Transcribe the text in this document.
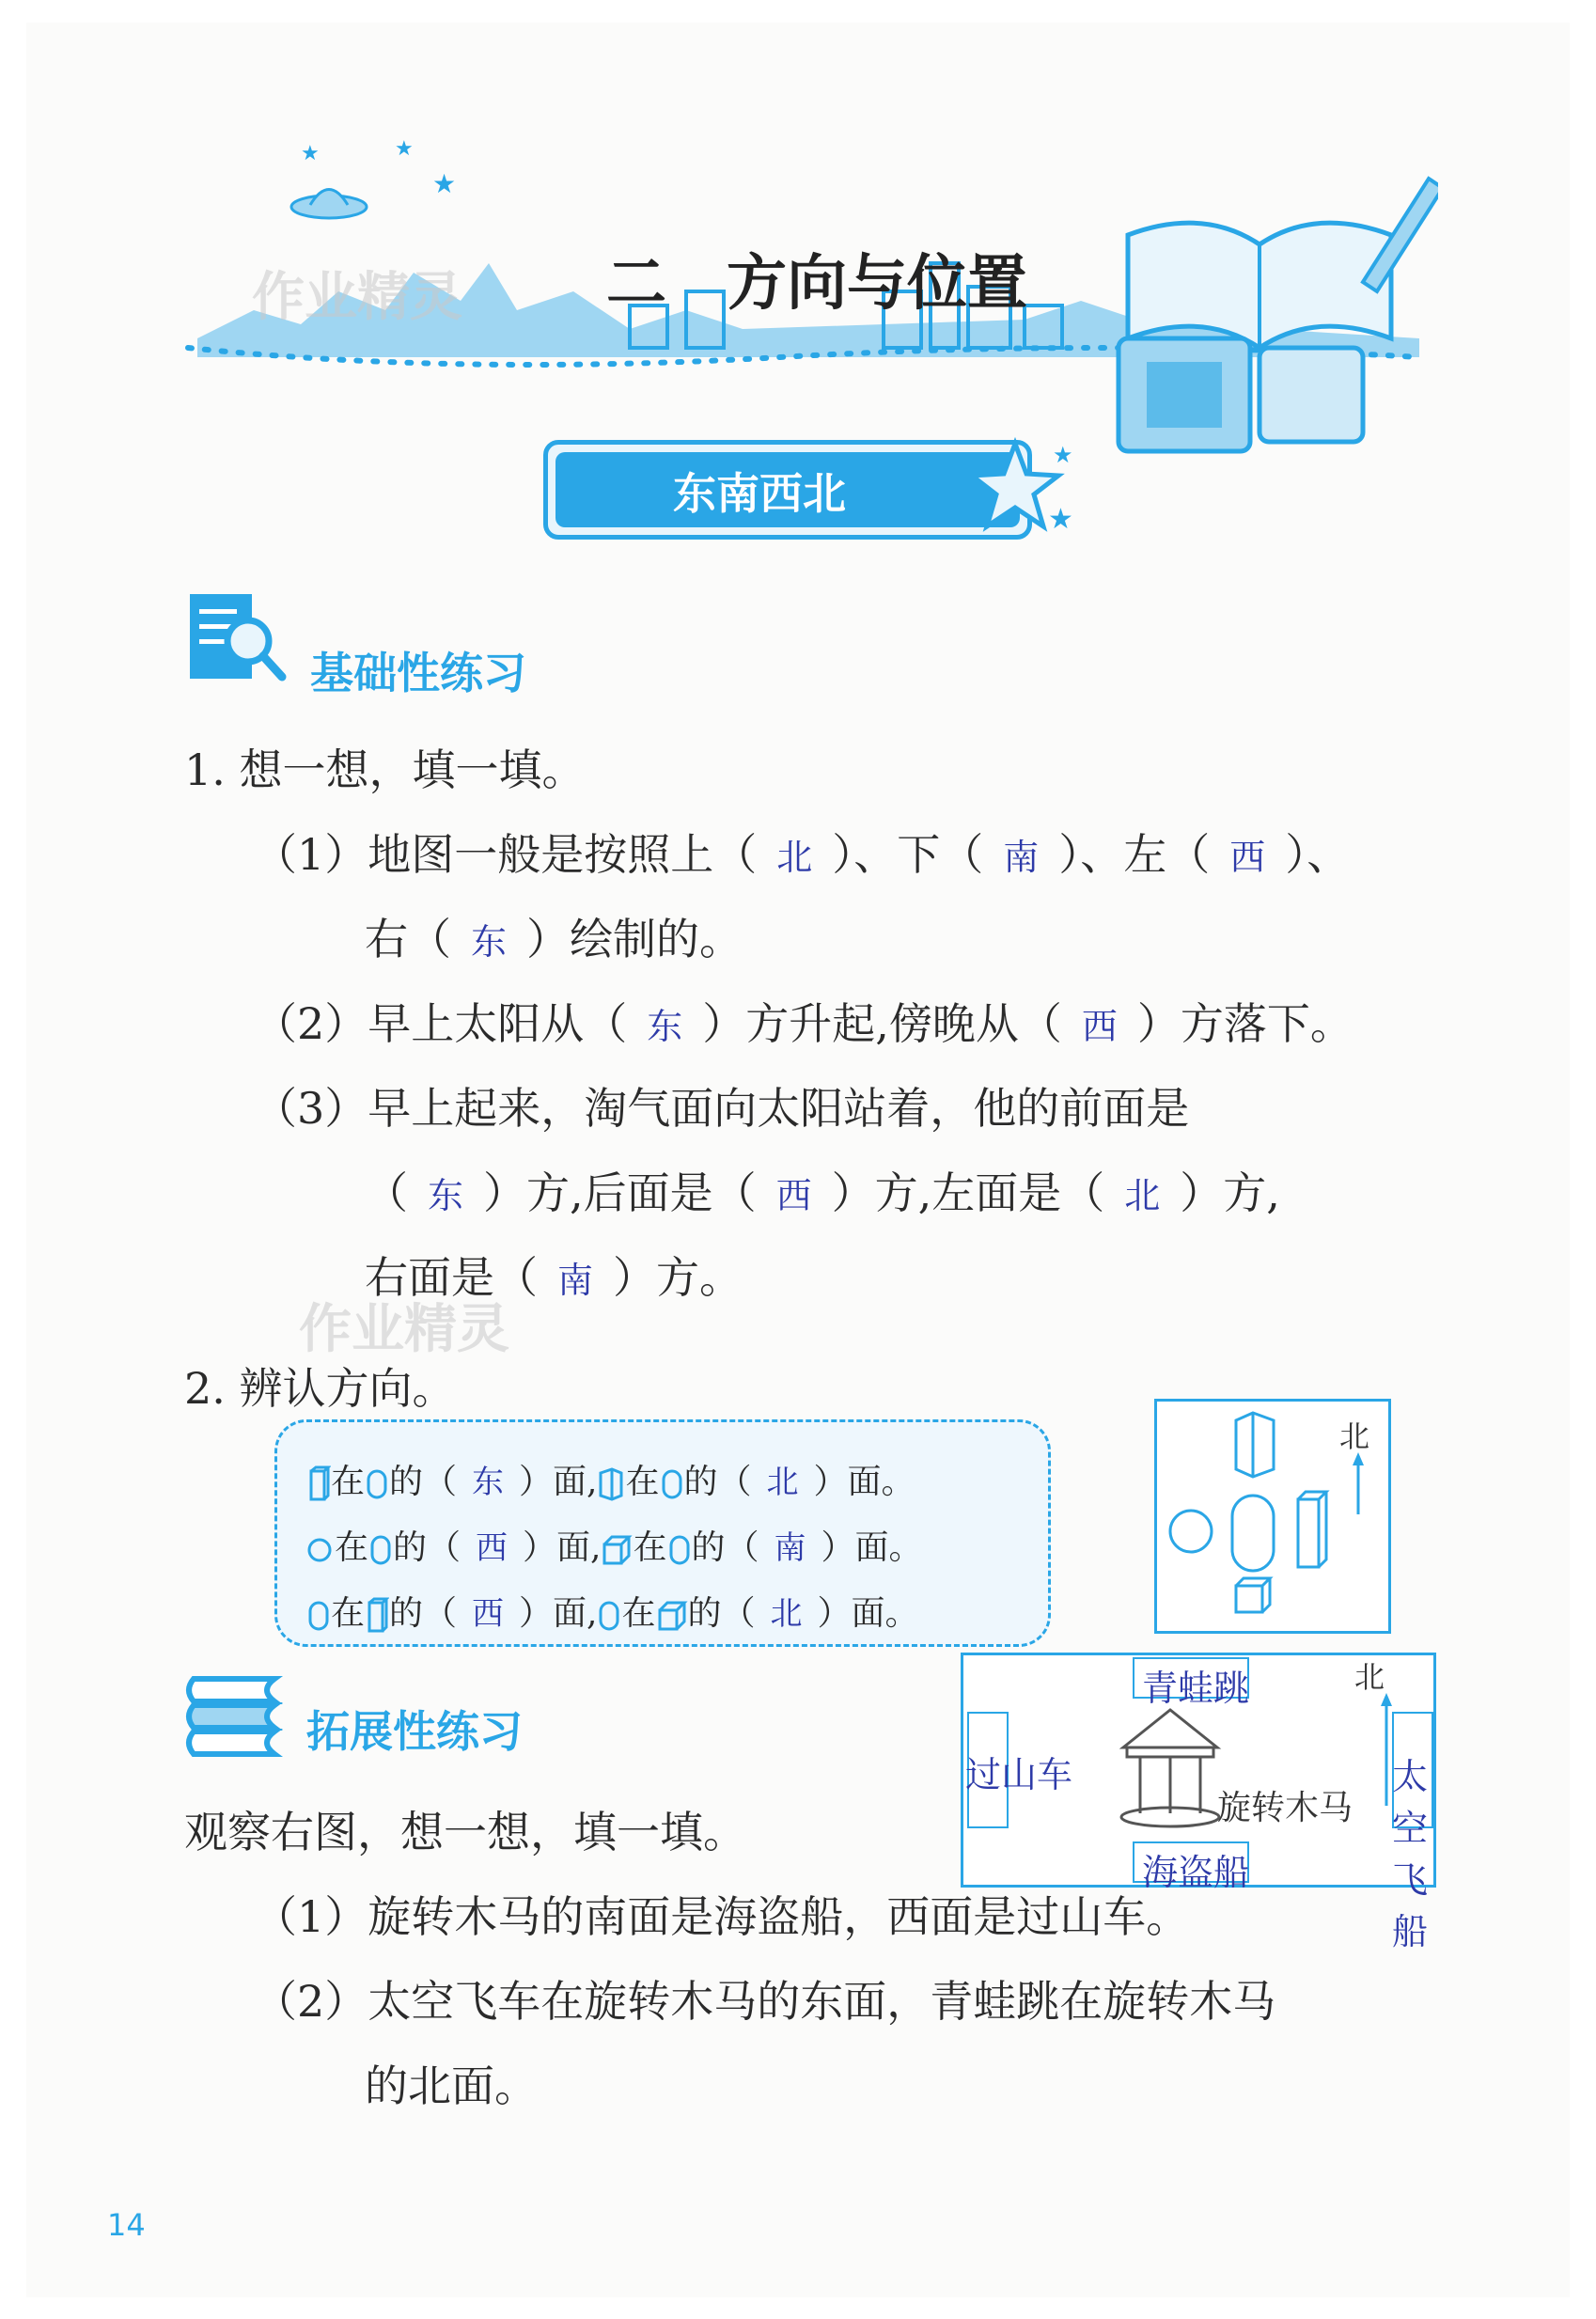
★	★
★
作业精灵 二　方向与位置
东南西北
★
★
基础性练习
1. 想一想，填一填。
（1）地图一般是按照上（ 北 ）、下（ 南 ）、左（ 西 ）、
右（ 东 ）绘制的。
（2）早上太阳从（ 东 ）方升起,傍晚从（ 西 ）方落下。
（3）早上起来，淘气面向太阳站着，他的前面是
（ 东 ）方,后面是（ 西 ）方,左面是（ 北 ）方,
右面是（ 南 ）方。
作业精灵
2. 辨认方向。
在 的（ 东 ）面, 在 的（ 北 ）面。
在 的（ 西 ）面, 在 的（ 南 ）面。
在 的（ 西 ）面, 在 的（ 北 ）面。
北
拓展性练习
青蛙跳
过山车	太空飞船
海盗船
旋转木马
北
观察右图，想一想，填一填。
（1）旋转木马的南面是海盗船，西面是过山车。
（2）太空飞车在旋转木马的东面，青蛙跳在旋转木马
的北面。
14
